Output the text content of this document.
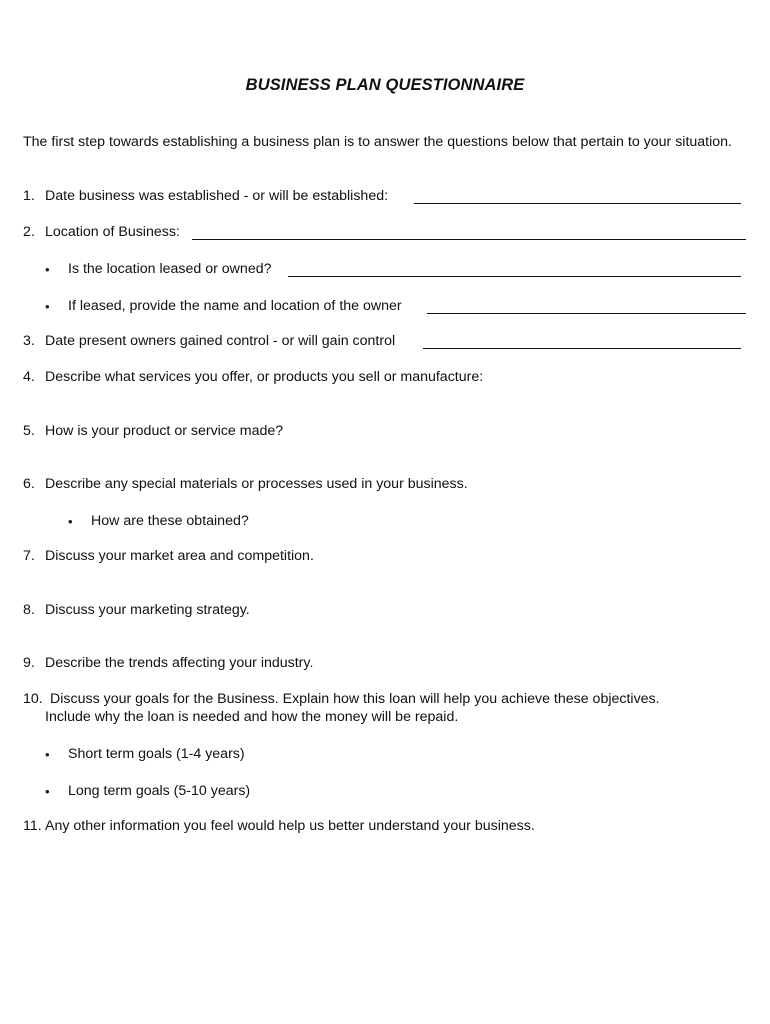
BUSINESS PLAN QUESTIONNAIRE
The first step towards establishing a business plan is to answer the questions below that pertain to your situation.
1. Date business was established - or will be established:
2. Location of Business:
• Is the location leased or owned?
• If leased, provide the name and location of the owner
3. Date present owners gained control - or will gain control
4. Describe what services you offer, or products you sell or manufacture:
5. How is your product or service made?
6. Describe any special materials or processes used in your business.
• How are these obtained?
7. Discuss your market area and competition.
8. Discuss your marketing strategy.
9. Describe the trends affecting your industry.
10. Discuss your goals for the Business. Explain how this loan will help you achieve these objectives.
Include why the loan is needed and how the money will be repaid.
• Short term goals (1-4 years)
• Long term goals (5-10 years)
11. Any other information you feel would help us better understand your business.
